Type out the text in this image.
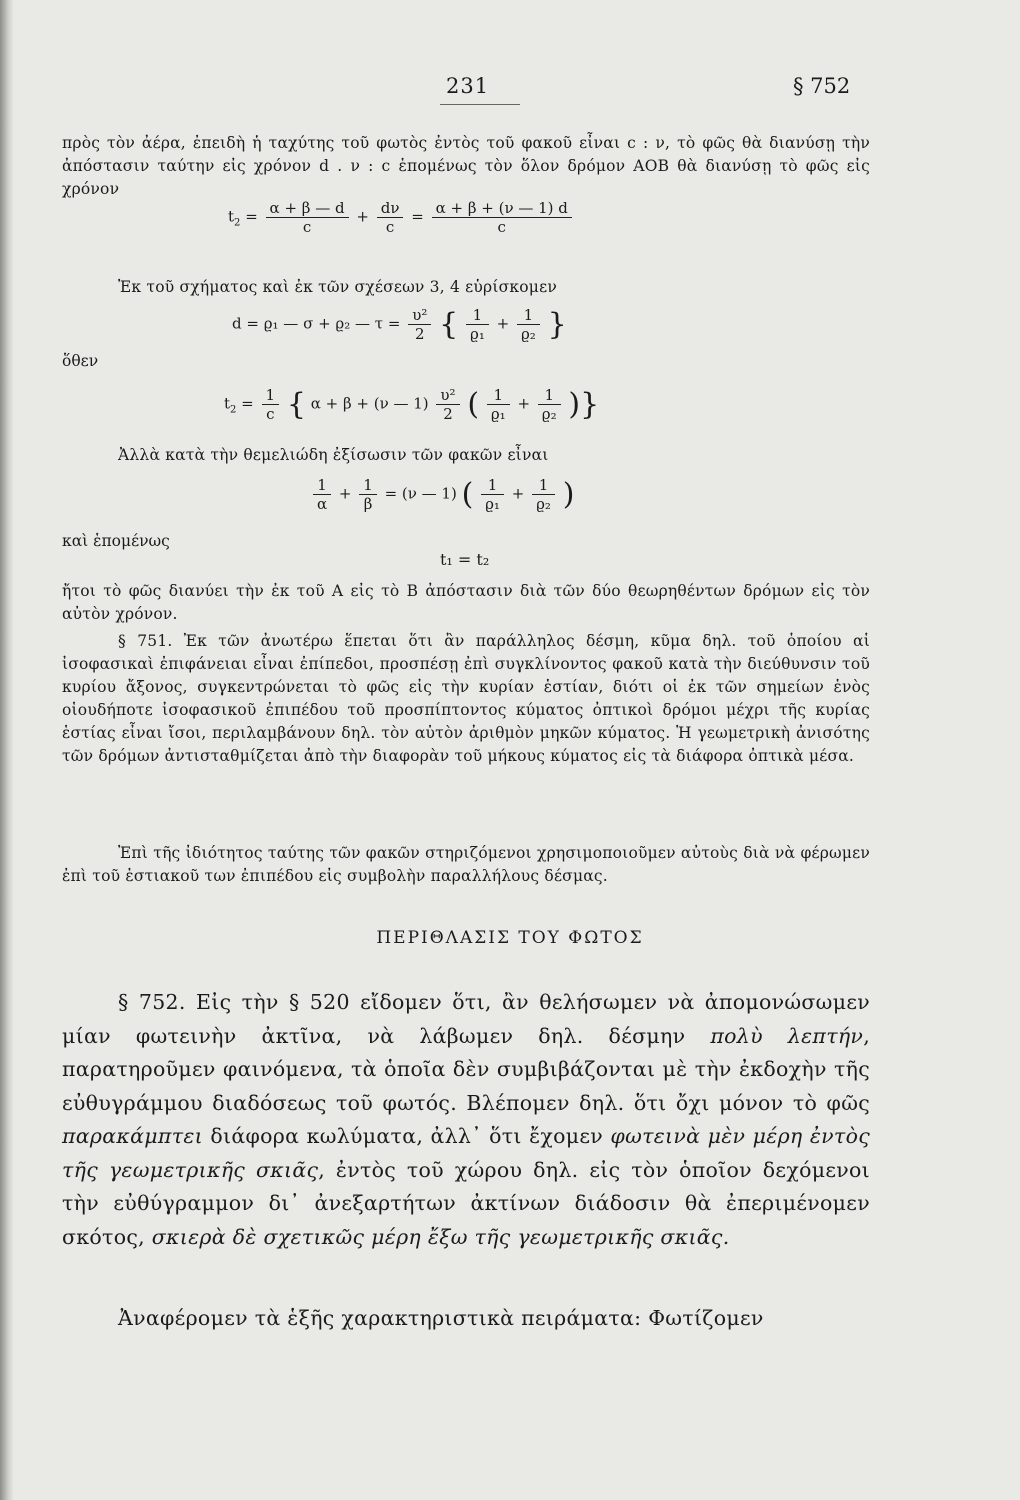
231	§ 752
πρὸς τὸν ἀέρα, ἐπειδὴ ἡ ταχύτης τοῦ φωτὸς ἐντὸς τοῦ φακοῦ εἶναι c : ν, τὸ φῶς θὰ διανύσῃ τὴν ἀπόστασιν ταύτην εἰς χρόνον d . ν : c ἑπομένως τὸν ὅλον δρόμον ΑΟΒ θὰ διανύσῃ τὸ φῶς εἰς χρόνον
$t_2 = \frac{\alpha + \beta — d}{c} + \frac{d\nu}{c} = \frac{\alpha + \beta + (\nu — 1) d}{c}$
Ἐκ τοῦ σχήματος καὶ ἐκ τῶν σχέσεων 3, 4 εὑρίσκομεν
d = ϱ₁ — σ + ϱ₂ — $\tau = \frac{\text{υ²}}{2}$ { $\frac{1}{\text{ϱ₁}} + \frac{1}{\text{ϱ₂}}$ }
ὅθεν
$t_2 = \frac{1}{c}$ { α + β + (ν — $1) \frac{\text{υ²}}{2}$ ( $\frac{1}{\text{ϱ₁}} + \frac{1}{\text{ϱ₂}}$ )}
Ἀλλὰ κατὰ τὴν θεμελιώδη ἐξίσωσιν τῶν φακῶν εἶναι
$\frac{1}{\alpha} + \frac{1}{\beta} = (\nu$ — 1) ( $\frac{1}{\text{ϱ₁}} + \frac{1}{\text{ϱ₂}}$ )
καὶ ἑπομένως
t₁ = t₂
ἤτοι τὸ φῶς διανύει τὴν ἐκ τοῦ Α εἰς τὸ Β ἀπόστασιν διὰ τῶν δύο θεωρηθέντων δρόμων εἰς τὸν αὐτὸν χρόνον.
§ 751. Ἐκ τῶν ἀνωτέρω ἕπεται ὅτι ἂν παράλληλος δέσμη, κῦμα δηλ. τοῦ ὁποίου αἱ ἰσοφασικαὶ ἐπιφάνειαι εἶναι ἐπίπεδοι, προσπέσῃ ἐπὶ συγκλίνοντος φακοῦ κατὰ τὴν διεύθυνσιν τοῦ κυρίου ἄξονος, συγκεντρώνεται τὸ φῶς εἰς τὴν κυρίαν ἑστίαν, διότι οἱ ἐκ τῶν σημείων ἑνὸς οἱουδήποτε ἰσοφασικοῦ ἐπιπέδου τοῦ προσπίπτοντος κύματος ὀπτικοὶ δρόμοι μέχρι τῆς κυρίας ἑστίας εἶναι ἴσοι, περιλαμβάνουν δηλ. τὸν αὐτὸν ἀριθμὸν μηκῶν κύματος. Ἡ γεωμετρικὴ ἀνισότης τῶν δρόμων ἀντισταθμίζεται ἀπὸ τὴν διαφορὰν τοῦ μήκους κύματος εἰς τὰ διάφορα ὀπτικὰ μέσα.
Ἐπὶ τῆς ἰδιότητος ταύτης τῶν φακῶν στηριζόμενοι χρησιμοποιοῦμεν αὐτοὺς διὰ νὰ φέρωμεν ἐπὶ τοῦ ἑστιακοῦ των ἐπιπέδου εἰς συμβολὴν παραλλήλους δέσμας.
ΠΕΡΙΘΛΑΣΙΣ ΤΟΥ ΦΩΤΟΣ
§ 752. Εἰς τὴν § 520 εἴδομεν ὅτι, ἂν θελήσωμεν νὰ ἀπομονώσωμεν μίαν φωτεινὴν ἀκτῖνα, νὰ λάβωμεν δηλ. δέσμην πολὺ λεπτήν, παρατηροῦμεν φαινόμενα, τὰ ὁποῖα δὲν συμβιβάζονται μὲ τὴν ἐκδοχὴν τῆς εὐθυγράμμου διαδόσεως τοῦ φωτός. Βλέπομεν δηλ. ὅτι ὄχι μόνον τὸ φῶς παρακάμπτει διάφορα κωλύματα, ἀλλ᾿ ὅτι ἔχομεν φωτεινὰ μὲν μέρη ἐντὸς τῆς γεωμετρικῆς σκιᾶς, ἐντὸς τοῦ χώρου δηλ. εἰς τὸν ὁποῖον δεχόμενοι τὴν εὐθύγραμμον δι᾿ ἀνεξαρτήτων ἀκτίνων διάδοσιν θὰ ἐπεριμένομεν σκότος, σκιερὰ δὲ σχετικῶς μέρη ἔξω τῆς γεωμετρικῆς σκιᾶς.
Ἀναφέρομεν τὰ ἑξῆς χαρακτηριστικὰ πειράματα: Φωτίζομεν
